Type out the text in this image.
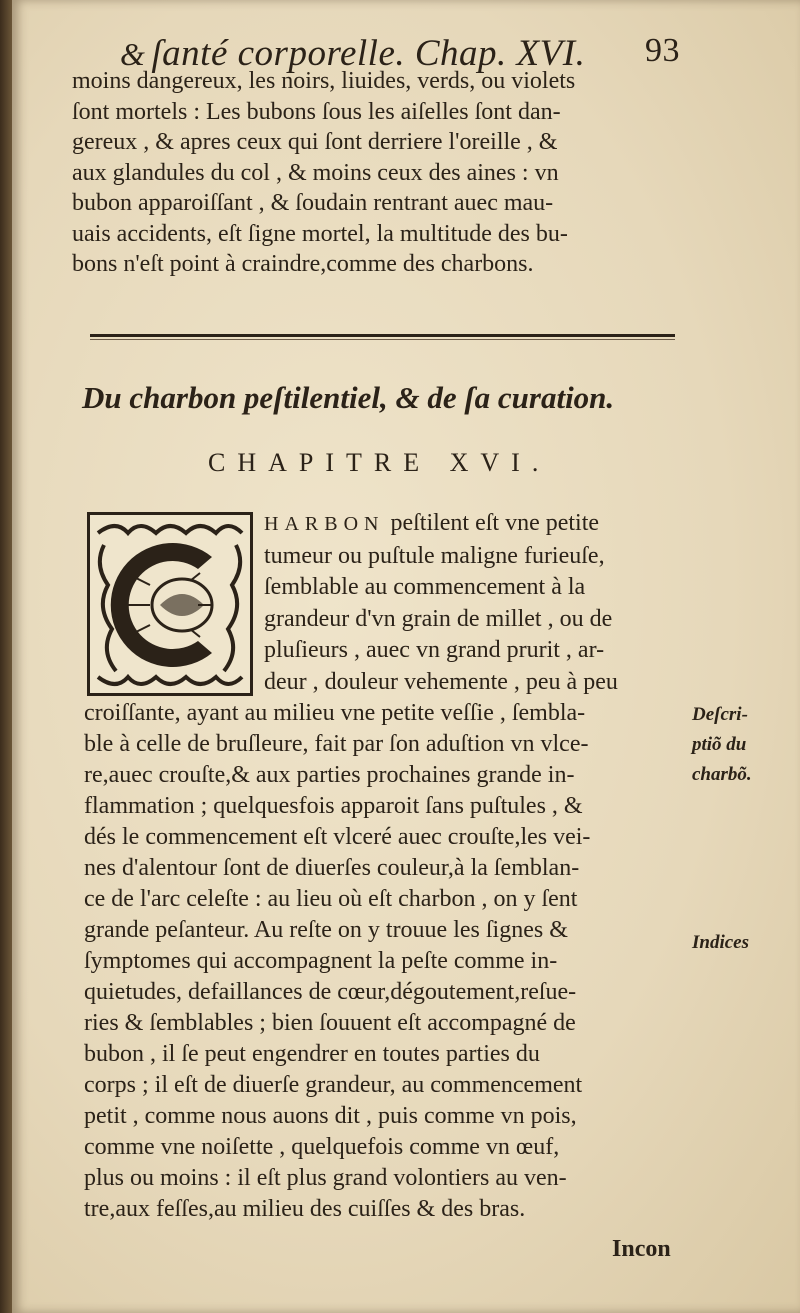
& ſanté corporelle. Chap. XVI. 93
moins dangereux, les noirs, liuides, verds, ou violets
ſont mortels : Les bubons ſous les aiſelles ſont dan-
gereux , & apres ceux qui ſont derriere l'oreille , &
aux glandules du col , & moins ceux des aines : vn
bubon apparoiſſant , & ſoudain rentrant auec mau-
uais accidents, eſt ſigne mortel, la multitude des bu-
bons n'eſt point à craindre,comme des charbons.
Du charbon peſtilentiel, & de ſa curation.
CHAPITRE XVI.
HARBON peſtilent eſt vne petite
tumeur ou puſtule maligne furieuſe,
ſemblable au commencement à la
grandeur d'vn grain de millet , ou de
pluſieurs , auec vn grand prurit , ar-
deur , douleur vehemente , peu à peu
croiſſante, ayant au milieu vne petite veſſie , ſembla-
ble à celle de bruſleure, fait par ſon aduſtion vn vlce-
re,auec crouſte,& aux parties prochaines grande in-
flammation ; quelquesfois apparoit ſans puſtules , &
dés le commencement eſt vlceré auec crouſte,les vei-
nes d'alentour ſont de diuerſes couleur,à la ſemblan-
ce de l'arc celeſte : au lieu où eſt charbon , on y ſent
grande peſanteur. Au reſte on y trouue les ſignes &
ſymptomes qui accompagnent la peſte comme in-
quietudes, defaillances de cœur,dégoutement,reſue-
ries & ſemblables ; bien ſouuent eſt accompagné de
bubon , il ſe peut engendrer en toutes parties du
corps ; il eſt de diuerſe grandeur, au commencement
petit , comme nous auons dit , puis comme vn pois,
comme vne noiſette , quelquefois comme vn œuf,
plus ou moins : il eſt plus grand volontiers au ven-
tre,aux feſſes,au milieu des cuiſſes & des bras.
Deſcri-
ptiõ du
charbõ.
Indices
Incon
